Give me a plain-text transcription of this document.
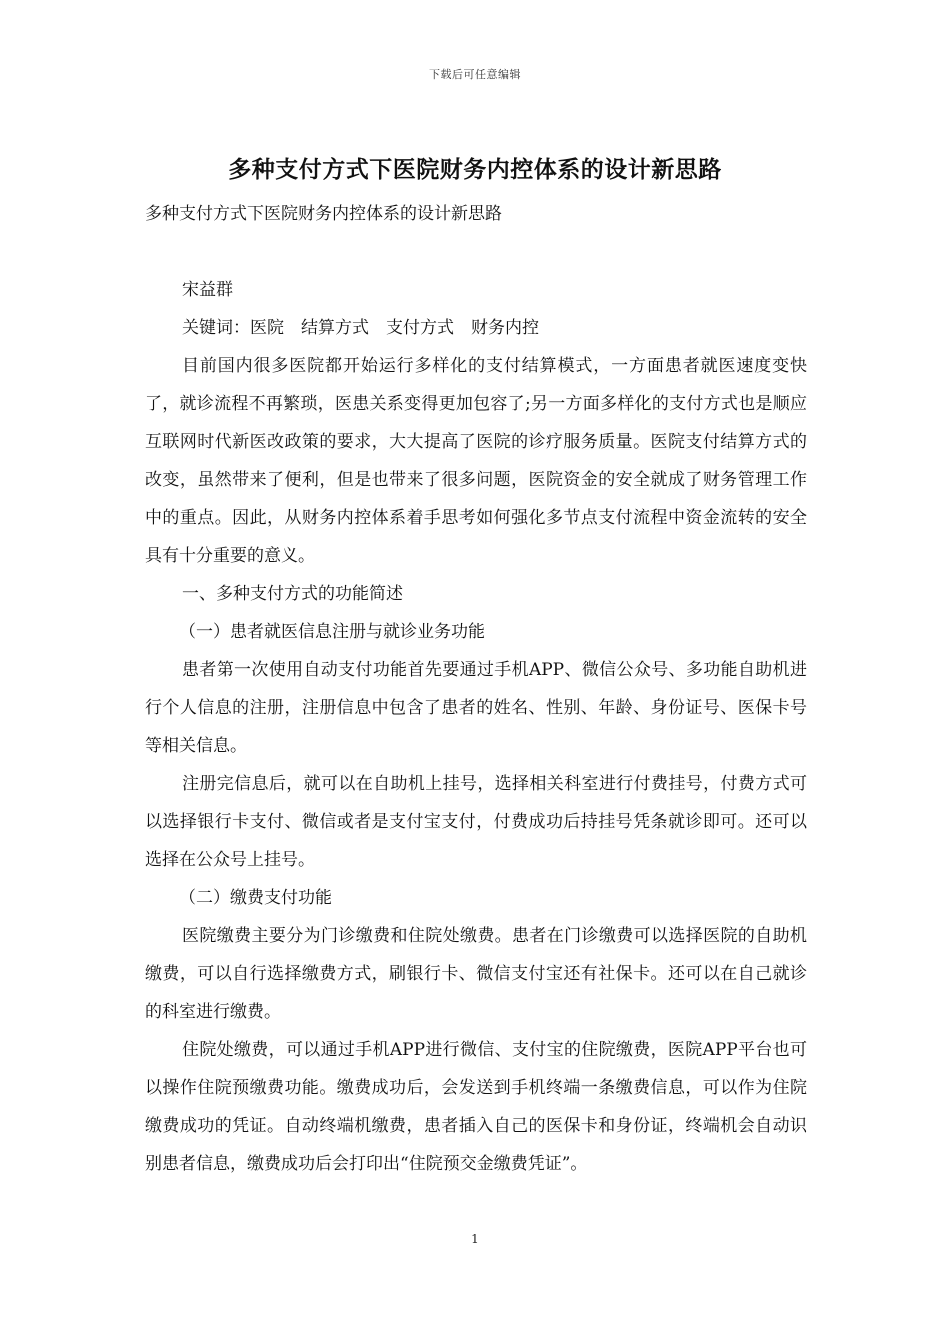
下载后可任意编辑
多种支付方式下医院财务内控体系的设计新思路

多种支付方式下医院财务内控体系的设计新思路

宋益群

关键词：医院　结算方式　支付方式　财务内控

目前国内很多医院都开始运行多样化的支付结算模式，一方面患者就医速度变快了，就诊流程不再繁琐，医患关系变得更加包容了;另一方面多样化的支付方式也是顺应互联网时代新医改政策的要求，大大提高了医院的诊疗服务质量。医院支付结算方式的改变，虽然带来了便利，但是也带来了很多问题，医院资金的安全就成了财务管理工作中的重点。因此，从财务内控体系着手思考如何强化多节点支付流程中资金流转的安全具有十分重要的意义。

一、多种支付方式的功能简述

（一）患者就医信息注册与就诊业务功能

患者第一次使用自动支付功能首先要通过手机APP、微信公众号、多功能自助机进行个人信息的注册，注册信息中包含了患者的姓名、性别、年龄、身份证号、医保卡号等相关信息。

注册完信息后，就可以在自助机上挂号，选择相关科室进行付费挂号，付费方式可以选择银行卡支付、微信或者是支付宝支付，付费成功后持挂号凭条就诊即可。还可以选择在公众号上挂号。

（二）缴费支付功能

医院缴费主要分为门诊缴费和住院处缴费。患者在门诊缴费可以选择医院的自助机缴费，可以自行选择缴费方式，刷银行卡、微信支付宝还有社保卡。还可以在自己就诊的科室进行缴费。

住院处缴费，可以通过手机APP进行微信、支付宝的住院缴费，医院APP平台也可以操作住院预缴费功能。缴费成功后，会发送到手机终端一条缴费信息，可以作为住院缴费成功的凭证。自动终端机缴费，患者插入自己的医保卡和身份证，终端机会自动识别患者信息，缴费成功后会打印出“住院预交金缴费凭证”。

1
